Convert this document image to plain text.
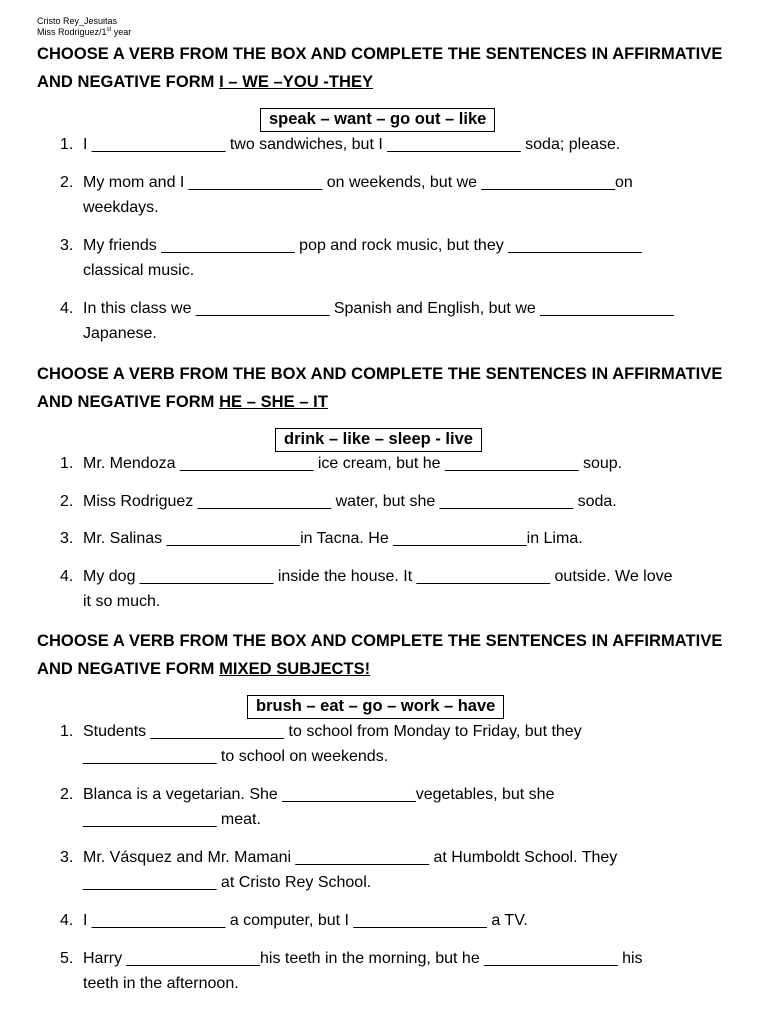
Cristo Rey_Jesuitas
Miss Rodriguez/1st year
CHOOSE A VERB FROM THE BOX AND COMPLETE THE SENTENCES IN AFFIRMATIVE
AND NEGATIVE FORM I – WE –YOU -THEY
speak – want – go out – like
1. I _______________ two sandwiches, but I _______________ soda; please.
2. My mom and I _______________ on weekends, but we _______________on
weekdays.
3. My friends _______________ pop and rock music, but they _______________
classical music.
4. In this class we _______________ Spanish and English, but we _______________
Japanese.
CHOOSE A VERB FROM THE BOX AND COMPLETE THE SENTENCES IN AFFIRMATIVE
AND NEGATIVE FORM HE – SHE – IT
drink – like – sleep - live
1. Mr. Mendoza _______________ ice cream, but he _______________ soup.
2. Miss Rodriguez _______________ water, but she _______________ soda.
3. Mr. Salinas _______________in Tacna. He _______________in Lima.
4. My dog _______________ inside the house. It _______________ outside. We love
it so much.
CHOOSE A VERB FROM THE BOX AND COMPLETE THE SENTENCES IN AFFIRMATIVE
AND NEGATIVE FORM MIXED SUBJECTS!
brush – eat – go – work – have
1. Students _______________ to school from Monday to Friday, but they
_______________ to school on weekends.
2. Blanca is a vegetarian. She _______________vegetables, but she
_______________ meat.
3. Mr. Vásquez and Mr. Mamani _______________ at Humboldt School. They
_______________ at Cristo Rey School.
4. I _______________ a computer, but I _______________ a TV.
5. Harry _______________his teeth in the morning, but he _______________ his
teeth in the afternoon.
